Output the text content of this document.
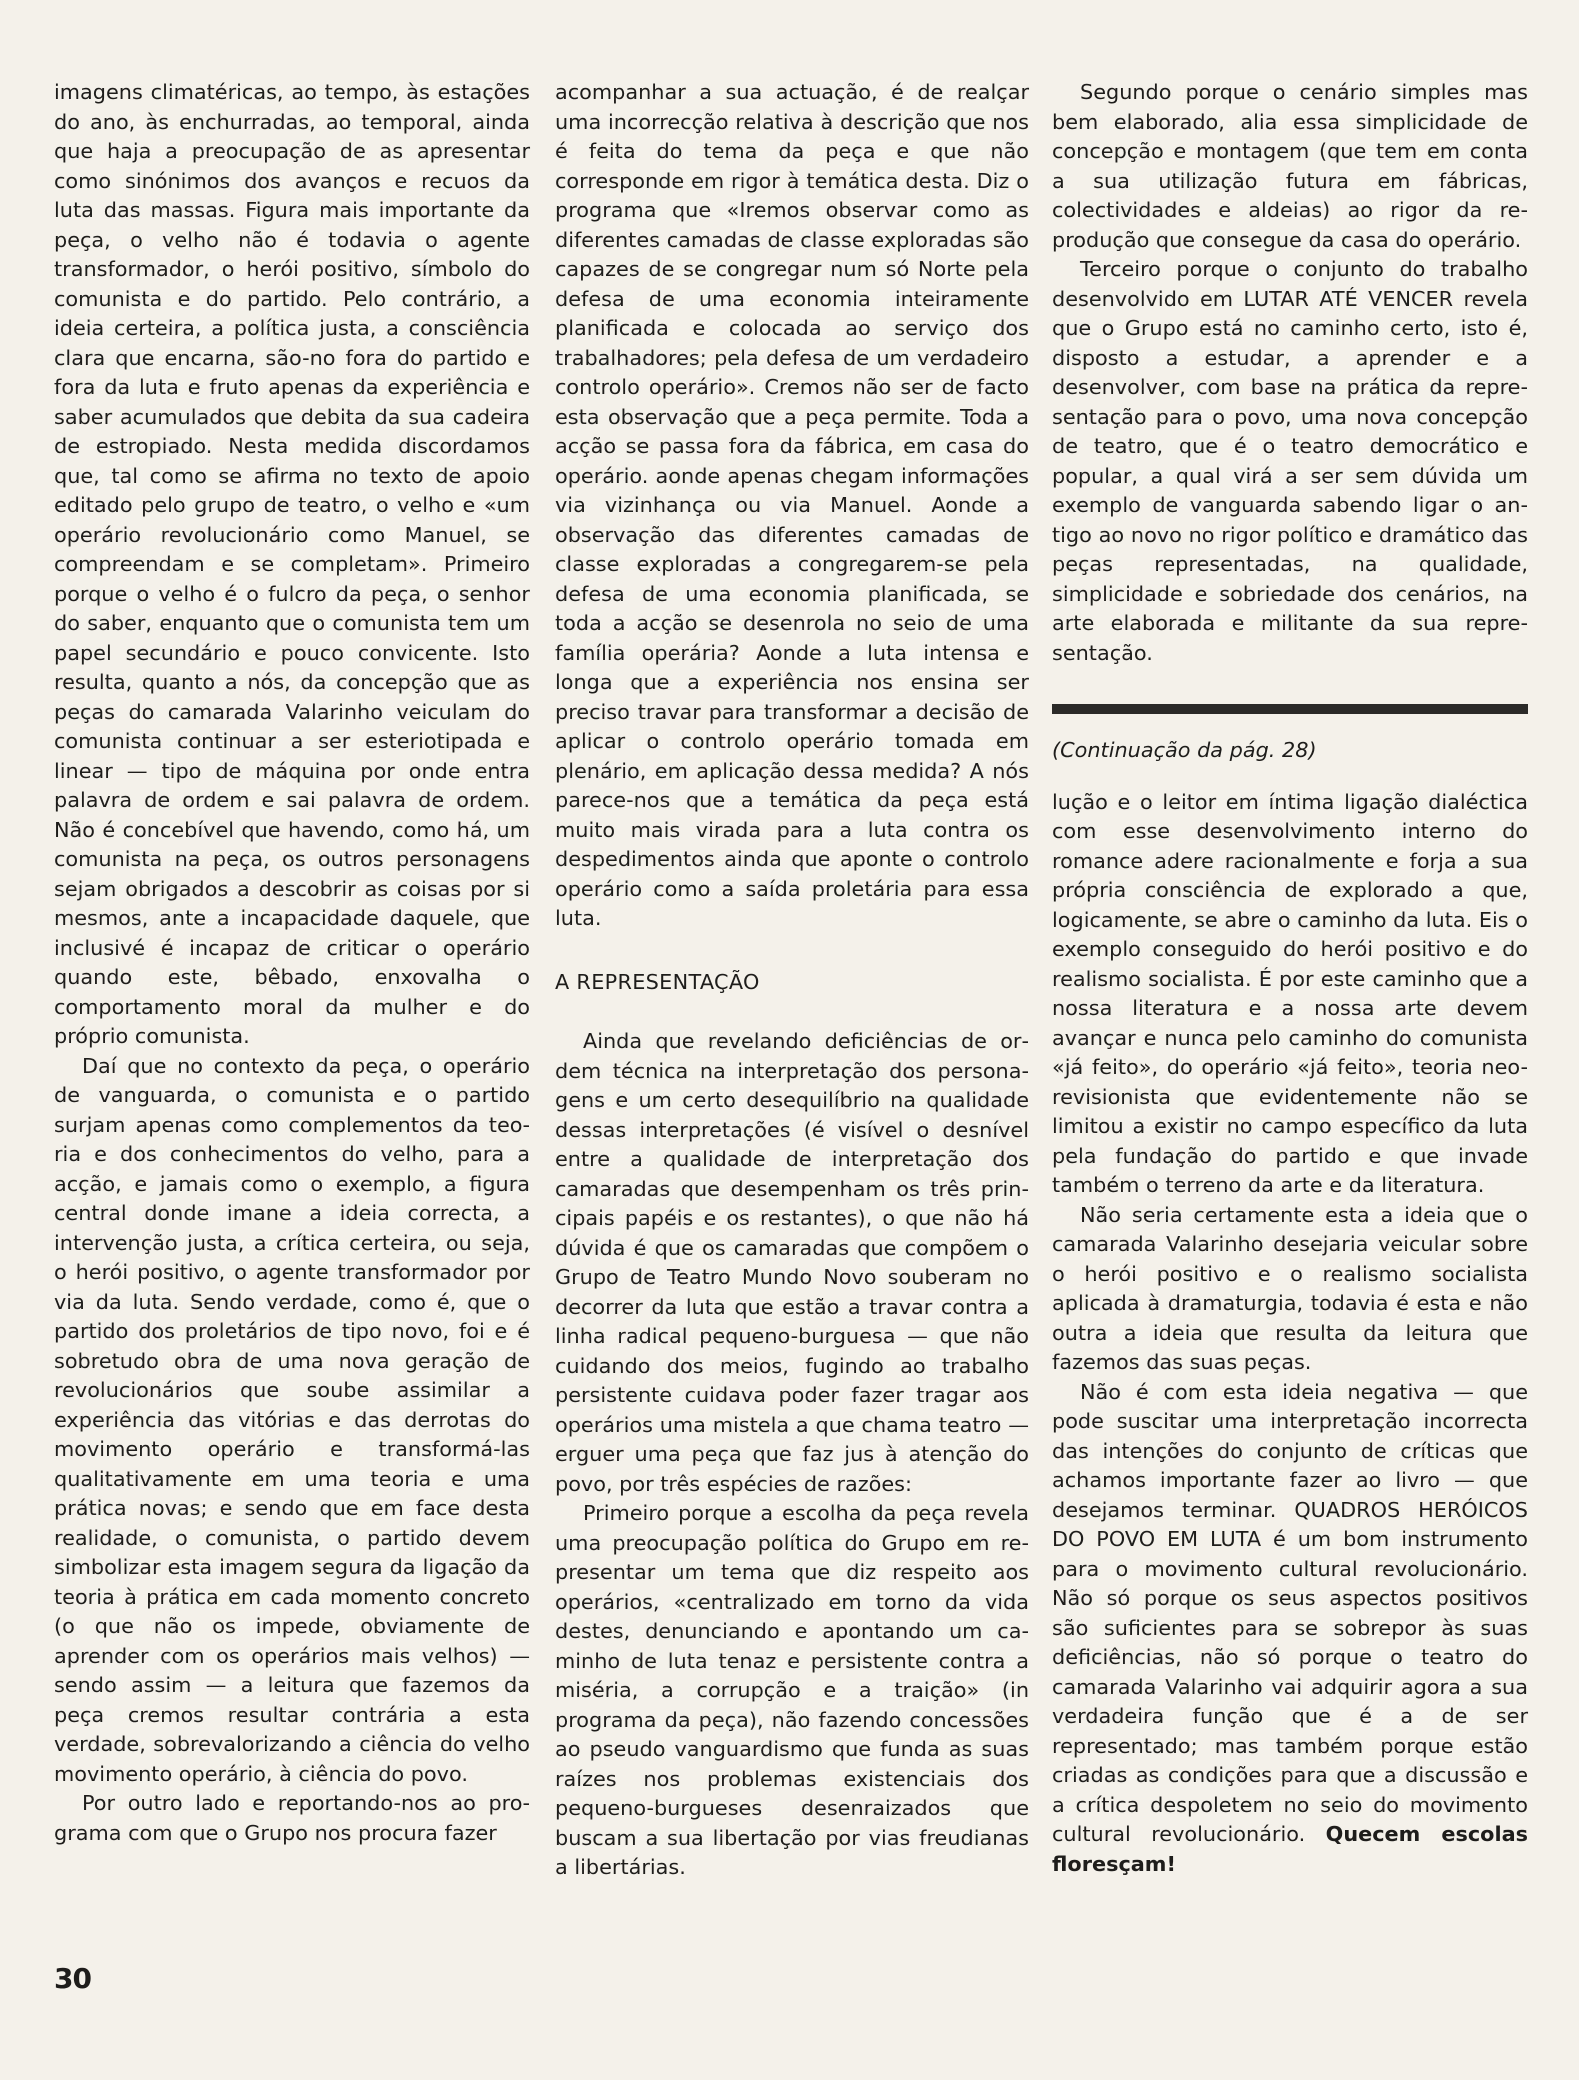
imagens climatéricas, ao tempo, às estações do ano, às enchurradas, ao temporal, ainda que haja a preocupação de as apresentar como sinónimos dos avanços e recuos da luta das massas. Figura mais importante da peça, o velho não é todavia o agente transformador, o herói positivo, símbolo do comunista e do partido. Pelo contrário, a ideia certeira, a política justa, a consciência clara que encarna, são-no fora do partido e fora da luta e fruto apenas da experiência e saber acumulados que debita da sua cadeira de estropiado. Nesta medida discordamos que, tal como se afirma no texto de apoio editado pelo grupo de teatro, o velho e «um operário revolucionário como Manuel, se compreendam e se completam». Primeiro porque o velho é o fulcro da peça, o senhor do saber, enquanto que o comunista tem um papel secundário e pouco convicente. Isto resulta, quanto a nós, da concepção que as peças do camarada Valarinho veiculam do comunista continuar a ser esteriotipada e linear — tipo de máquina por onde entra palavra de ordem e sai palavra de ordem. Não é concebível que havendo, como há, um comunista na peça, os outros personagens sejam obrigados a descobrir as coisas por si mesmos, ante a incapacidade daquele, que inclusivé é incapaz de criticar o operário quando este, bêbado, enxovalha o comportamento moral da mulher e do próprio comunista.

Daí que no contexto da peça, o operário de vanguarda, o comunista e o partido surjam apenas como complementos da teoria e dos conhecimentos do velho, para a acção, e jamais como o exemplo, a figura central donde imane a ideia correcta, a intervenção justa, a crítica certeira, ou seja, o herói positivo, o agente transformador por via da luta. Sendo verdade, como é, que o partido dos proletários de tipo novo, foi e é sobretudo obra de uma nova geração de revolucionários que soube assimilar a experiência das vitórias e das derrotas do movimento operário e transformá-las qualitativamente em uma teoria e uma prática novas; e sendo que em face desta realidade, o comunista, o partido devem simbolizar esta imagem segura da ligação da teoria à prática em cada momento concreto (o que não os impede, obviamente de aprender com os operários mais velhos) — sendo assim — a leitura que fazemos da peça cremos resultar contrária a esta verdade, sobrevalorizando a ciência do velho movimento operário, à ciência do povo.

Por outro lado e reportando-nos ao programa com que o Grupo nos procura fazer

acompanhar a sua actuação, é de realçar uma incorrecção relativa à descrição que nos é feita do tema da peça e que não corresponde em rigor à temática desta. Diz o programa que «Iremos observar como as diferentes camadas de classe exploradas são capazes de se congregar num só Norte pela defesa de uma economia inteiramente planificada e colocada ao serviço dos trabalhadores; pela defesa de um verdadeiro controlo operário». Cremos não ser de facto esta observação que a peça permite. Toda a acção se passa fora da fábrica, em casa do operário. aonde apenas chegam informações via vizinhança ou via Manuel. Aonde a observação das diferentes camadas de classe exploradas a congregarem-se pela defesa de uma economia planificada, se toda a acção se desenrola no seio de uma família operária? Aonde a luta intensa e longa que a experiência nos ensina ser preciso travar para transformar a decisão de aplicar o controlo operário tomada em plenário, em aplicação dessa medida? A nós parece-nos que a temática da peça está muito mais virada para a luta contra os despedimentos ainda que aponte o controlo operário como a saída proletária para essa luta.

A REPRESENTAÇÃO

Ainda que revelando deficiências de ordem técnica na interpretação dos personagens e um certo desequilíbrio na qualidade dessas interpretações (é visível o desnível entre a qualidade de interpretação dos camaradas que desempenham os três principais papéis e os restantes), o que não há dúvida é que os camaradas que compõem o Grupo de Teatro Mundo Novo souberam no decorrer da luta que estão a travar contra a linha radical pequeno-burguesa — que não cuidando dos meios, fugindo ao trabalho persistente cuidava poder fazer tragar aos operários uma mistela a que chama teatro — erguer uma peça que faz jus à atenção do povo, por três espécies de razões:

Primeiro porque a escolha da peça revela uma preocupação política do Grupo em representar um tema que diz respeito aos operários, «centralizado em torno da vida destes, denunciando e apontando um caminho de luta tenaz e persistente contra a miséria, a corrupção e a traição» (in programa da peça), não fazendo concessões ao pseudo vanguardismo que funda as suas raízes nos problemas existenciais dos pequeno-burgueses desenraizados que buscam a sua libertação por vias freudianas a libertárias.

Segundo porque o cenário simples mas bem elaborado, alia essa simplicidade de concepção e montagem (que tem em conta a sua utilização futura em fábricas, colectividades e aldeias) ao rigor da reprodução que consegue da casa do operário.

Terceiro porque o conjunto do trabalho desenvolvido em LUTAR ATÉ VENCER revela que o Grupo está no caminho certo, isto é, disposto a estudar, a aprender e a desenvolver, com base na prática da representação para o povo, uma nova concepção de teatro, que é o teatro democrático e popular, a qual virá a ser sem dúvida um exemplo de vanguarda sabendo ligar o antigo ao novo no rigor político e dramático das peças representadas, na qualidade, simplicidade e sobriedade dos cenários, na arte elaborada e militante da sua representação.

(Continuação da pág. 28)

lução e o leitor em íntima ligação dialéctica com esse desenvolvimento interno do romance adere racionalmente e forja a sua própria consciência de explorado a que, logicamente, se abre o caminho da luta. Eis o exemplo conseguido do herói positivo e do realismo socialista. É por este caminho que a nossa literatura e a nossa arte devem avançar e nunca pelo caminho do comunista «já feito», do operário «já feito», teoria neo-revisionista que evidentemente não se limitou a existir no campo específico da luta pela fundação do partido e que invade também o terreno da arte e da literatura.

Não seria certamente esta a ideia que o camarada Valarinho desejaria veicular sobre o herói positivo e o realismo socialista aplicada à dramaturgia, todavia é esta e não outra a ideia que resulta da leitura que fazemos das suas peças.

Não é com esta ideia negativa — que pode suscitar uma interpretação incorrecta das intenções do conjunto de críticas que achamos importante fazer ao livro — que desejamos terminar. QUADROS HERÓICOS DO POVO EM LUTA é um bom instrumento para o movimento cultural revolucionário. Não só porque os seus aspectos positivos são suficientes para se sobrepor às suas deficiências, não só porque o teatro do camarada Valarinho vai adquirir agora a sua verdadeira função que é a de ser representado; mas também porque estão criadas as condições para que a discussão e a crítica despoletem no seio do movimento cultural revolucionário. Quecem escolas floresçam!

30
